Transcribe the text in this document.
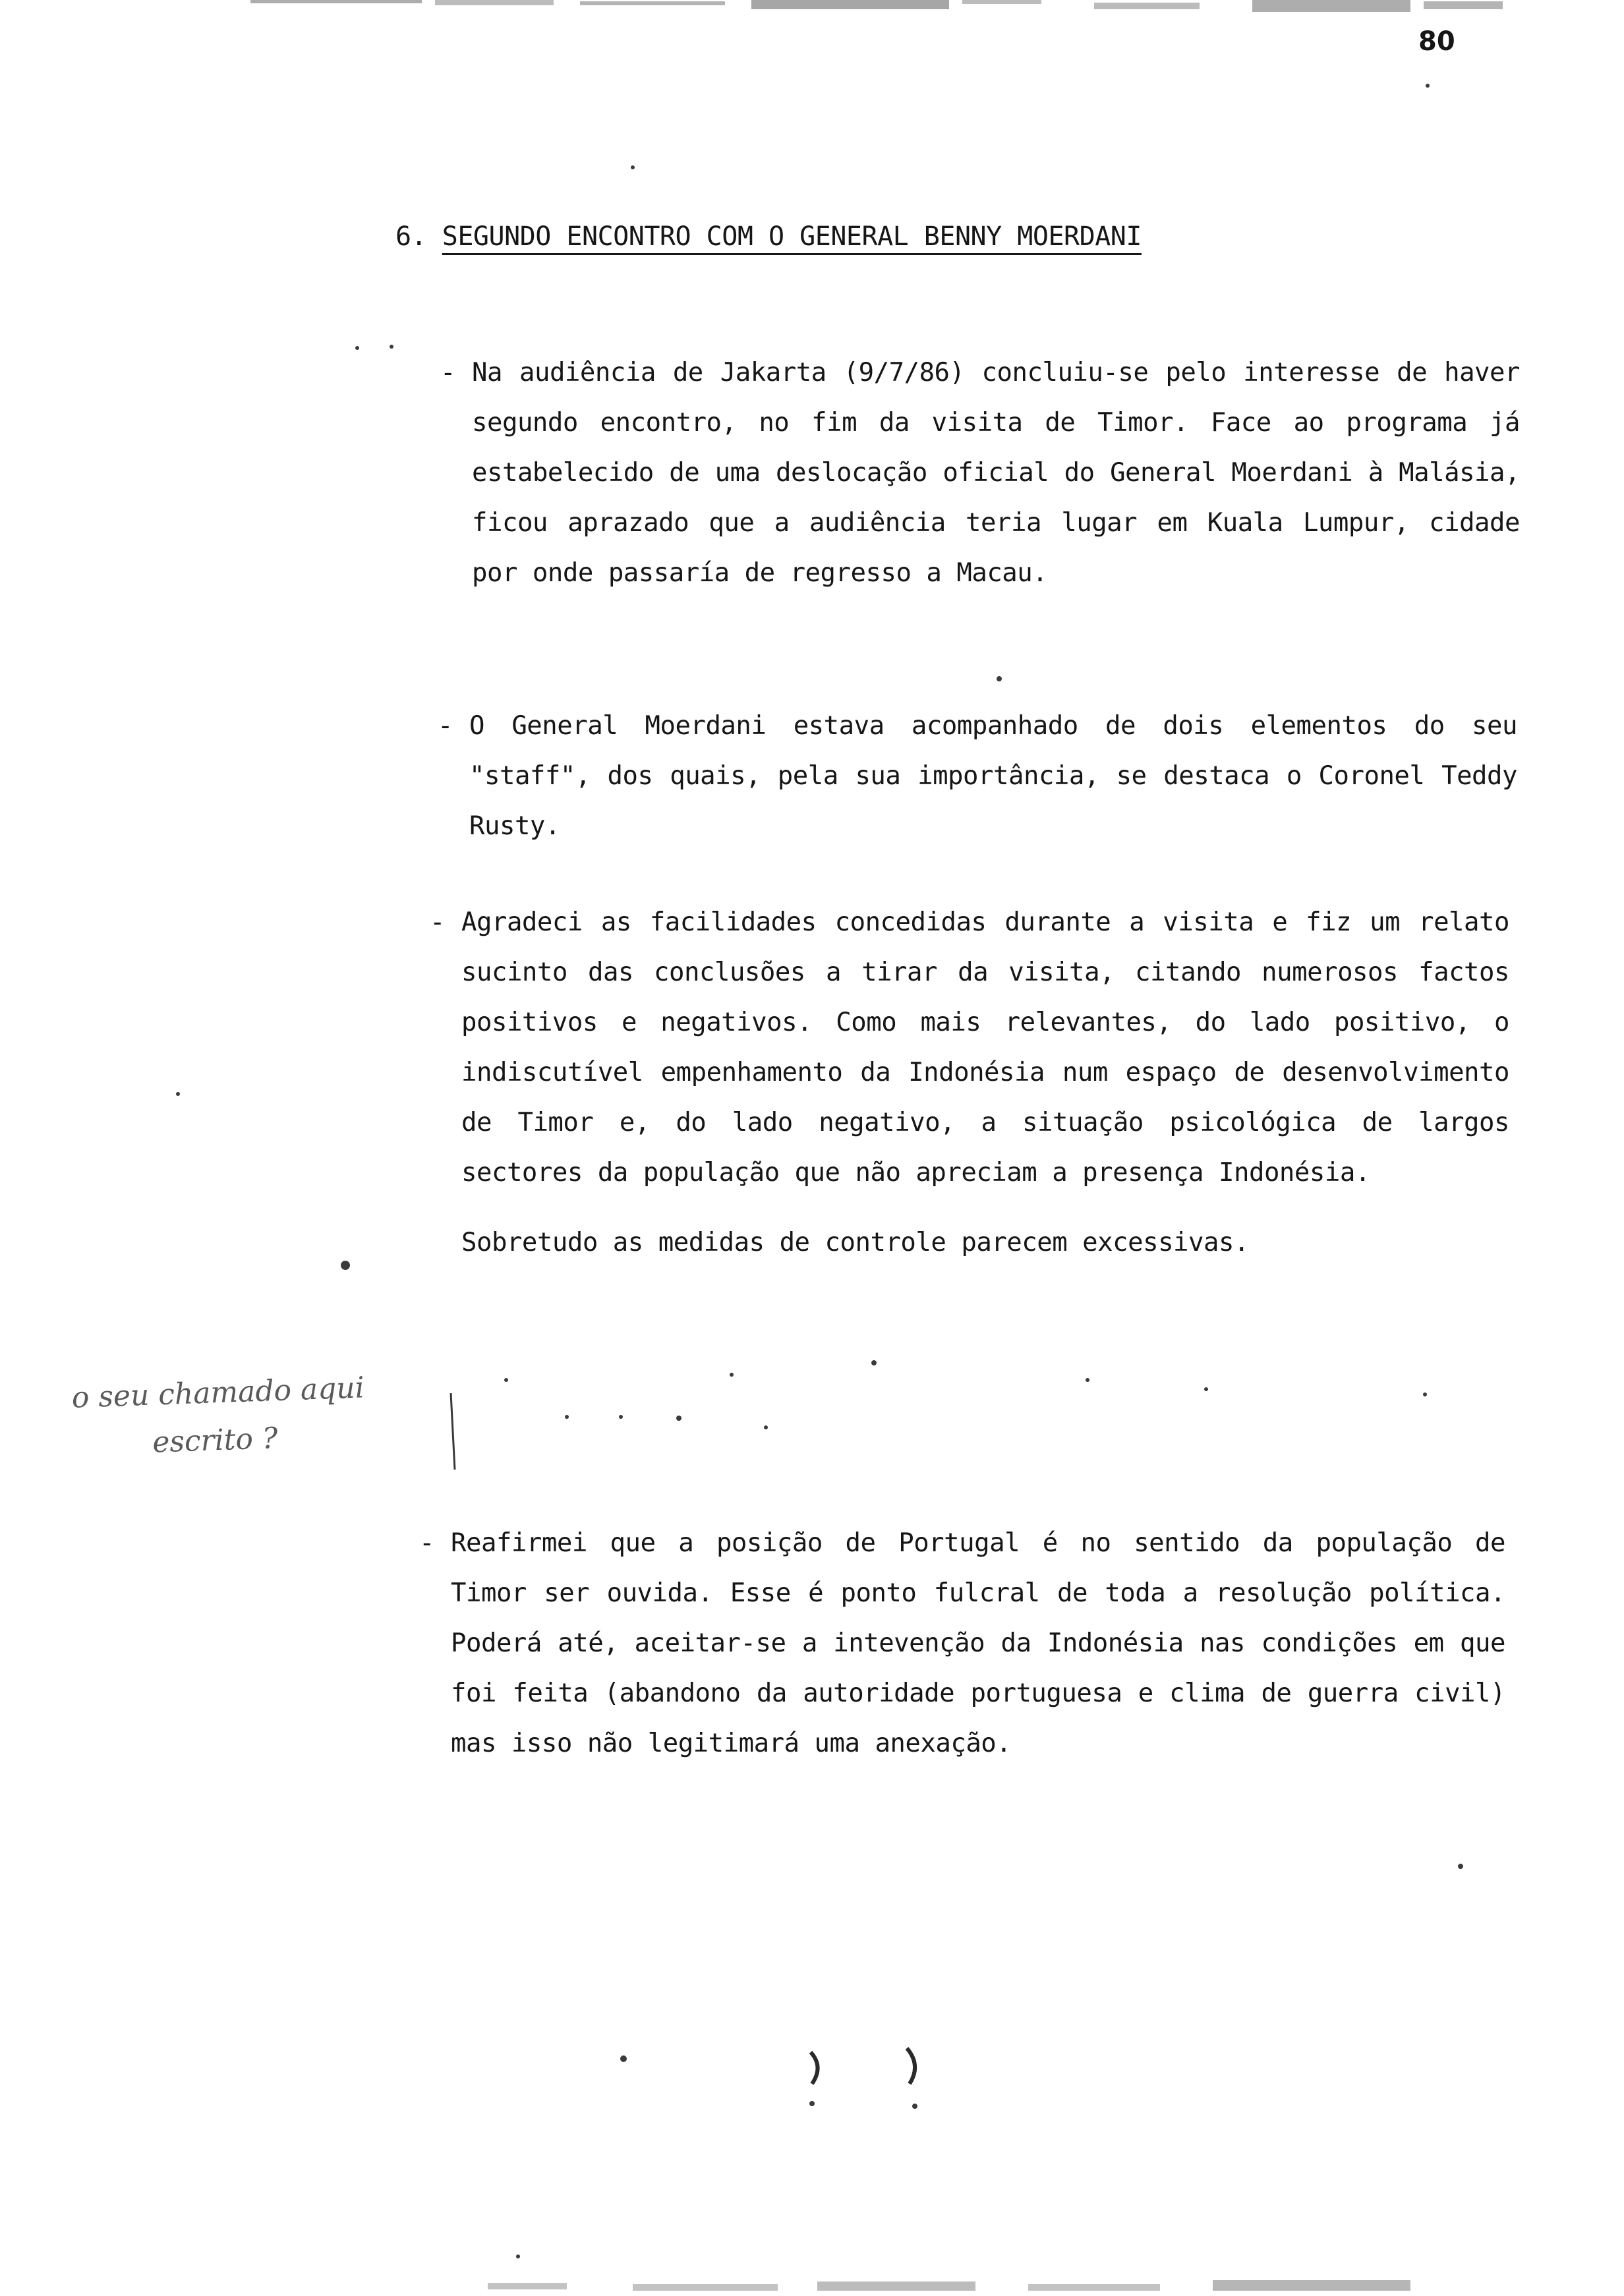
80
6. SEGUNDO ENCONTRO COM O GENERAL BENNY MOERDANI
- Na audiência de Jakarta (9/7/86) concluiu-se pelo interesse de haver segundo encontro, no fim da visita de Timor. Face ao programa já estabelecido de uma deslocação oficial do General Moerdani à Malásia, ficou aprazado que a audiência teria lugar em Kuala Lumpur, cidade por onde passaría de regresso a Macau.
- O General Moerdani estava acompanhado de dois elementos do seu "staff", dos quais, pela sua importância, se destaca o Coronel Teddy Rusty.
- Agradeci as facilidades concedidas durante a visita e fiz um relato sucinto das conclusões a tirar da visita, citando numerosos factos positivos e negativos. Como mais relevantes, do lado positivo, o indiscutível empenhamento da Indonésia num espaço de desenvolvimento de Timor e, do lado negativo, a situação psicológica de largos sectores da população que não apreciam a presença Indonésia.
Sobretudo as medidas de controle parecem excessivas.
o seu chamado aqui
escrito ?
- Reafirmei que a posição de Portugal é no sentido da população de Timor ser ouvida. Esse é ponto fulcral de toda a resolução política. Poderá até, aceitar-se a intevenção da Indonésia nas condições em que foi feita (abandono da autoridade portuguesa e clima de guerra civil) mas isso não legitimará uma anexação.
